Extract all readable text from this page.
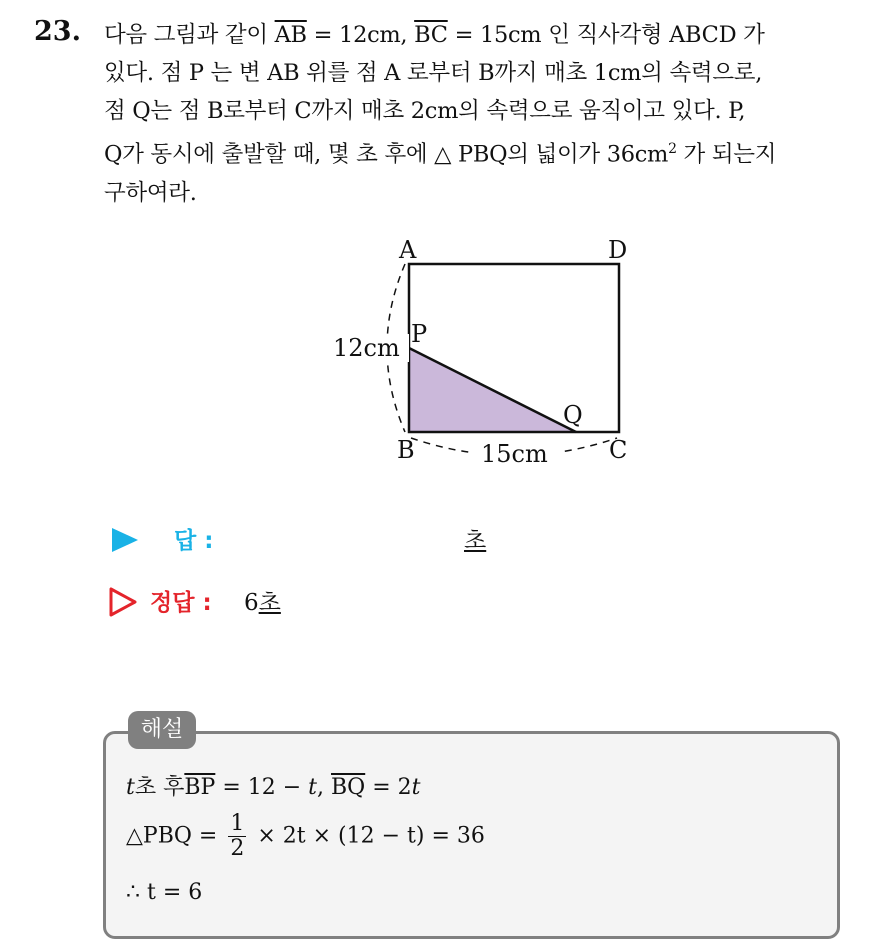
23. 다음 그림과 같이 $\overline{AB} = 12cm$, $\overline{BC} = 15cm$ 인 직사각형 ABCD 가
있다. 점 P 는 변 AB 위를 점 A 로부터 B까지 매초 1cm의 속력으로,
점 Q는 점 B로부터 C까지 매초 2cm의 속력으로 움직이고 있다. P,
Q가 동시에 출발할 때, 몇 초 후에 △ PBQ의 넓이가 $36cm^2$ 가 되는지
구하여라.
A	D
B	C
P
Q
12cm
15cm
답 :	초
정답 : 6초
해설
t초 후$\overline{BP} = 12 - t$, $\overline{BQ} = 2t$
△PBQ = $\frac{1}{2} \times 2t \times (12 - t) = 36$
∴ t = 6
